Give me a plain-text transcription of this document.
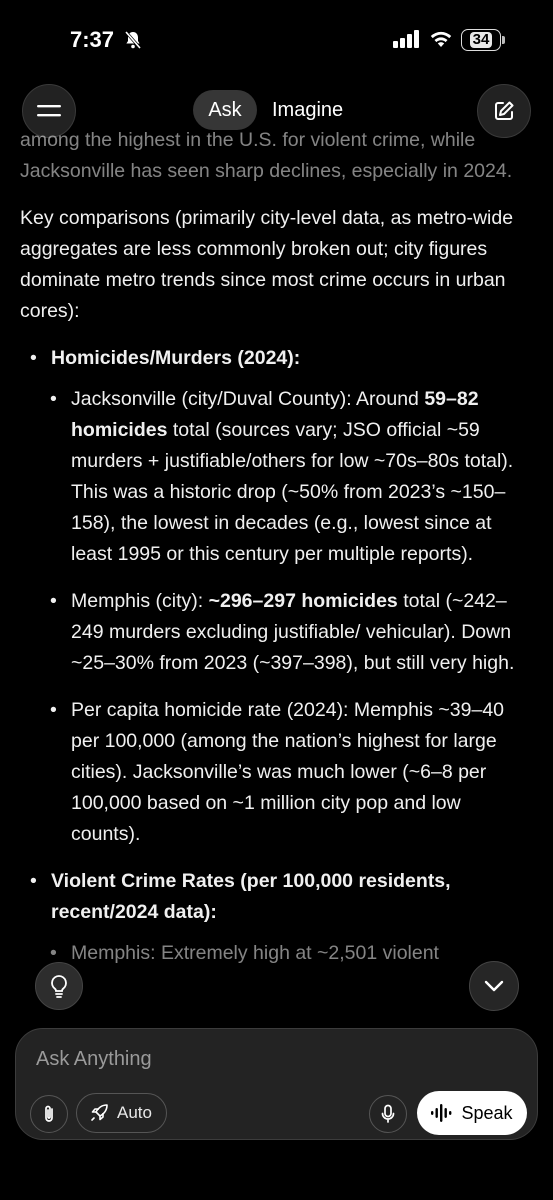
7:37	34
Ask	Imagine

among the highest in the U.S. for violent crime, while Jacksonville has seen sharp declines, especially in 2024.

Key comparisons (primarily city-level data, as metro-wide aggregates are less commonly broken out; city figures dominate metro trends since most crime occurs in urban cores):

• Homicides/Murders (2024):
• Jacksonville (city/Duval County): Around 59–82 homicides total (sources vary; JSO official ~59 murders + justifiable/others for low ~70s–80s total). This was a historic drop (~50% from 2023’s ~150–158), the lowest in decades (e.g., lowest since at least 1995 or this century per multiple reports).
• Memphis (city): ~296–297 homicides total (~242–249 murders excluding justifiable/ vehicular). Down ~25–30% from 2023 (~397–398), but still very high.
• Per capita homicide rate (2024): Memphis ~39–40 per 100,000 (among the nation’s highest for large cities). Jacksonville’s was much lower (~6–8 per 100,000 based on ~1 million city pop and low counts).
• Violent Crime Rates (per 100,000 residents, recent/2024 data):
• Memphis: Extremely high at ~2,501 violent
Ask Anything
Auto	Speak
